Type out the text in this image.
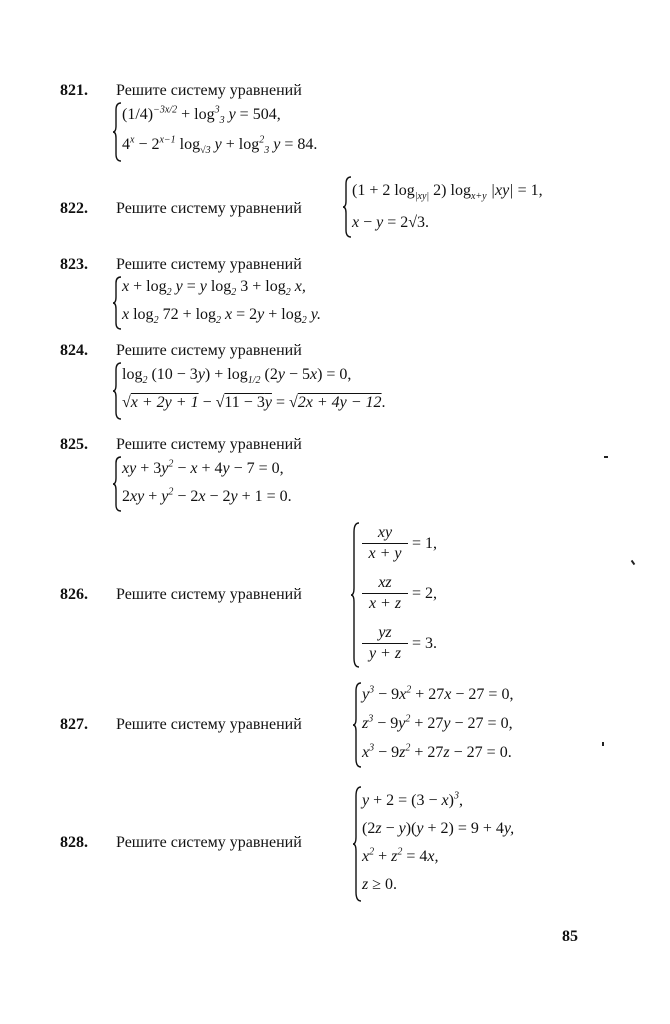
821. Решите систему уравнений
$(1/4)^{-3x/2} + \log^3_3 y = 504$,
$4^x - 2^{x-1}$ $\log_{√3} y + \log^2_3 y = 84$.
822. Решите систему уравнений
(1 + 2 $\log_{|xy|} 2$) $\log_{x+y} |xy| = 1$,
x − y = 2√3.
823. Решите систему уравнений
$x + \log_2 y = y$ $\log_2 3 + \log_2 x$,
x $\log_2 72 + \log_2 x = 2y + \log_2 y$.
824. Решите систему уравнений
$\log_2 (10 - 3y) + \log_{1/2} (2y - 5x) = 0$,
√x + 2y + 1 − √11 − 3y = √2x + 4y − 12.
825. Решите систему уравнений
xy + $3y^2 - x + 4y - 7 = 0$,
$2xy + y^2 - 2x - 2y + 1 = 0$.
826. Решите систему уравнений
xy
x + y
= 1,
xz
x + z
= 2,
yz
y + z
= 3.
827. Решите систему уравнений
$y^3 - 9x^2 + 27x - 27 = 0$,
$z^3 - 9y^2 + 27y - 27 = 0$,
$x^3 - 9z^2 + 27z - 27 = 0$.
828. Решите систему уравнений
$y + 2 = (3 - x)^3$,
(2z − y)(y + 2) = 9 + 4y,
$x^2 + z^2 = 4x$,
z ≥ 0.
85
